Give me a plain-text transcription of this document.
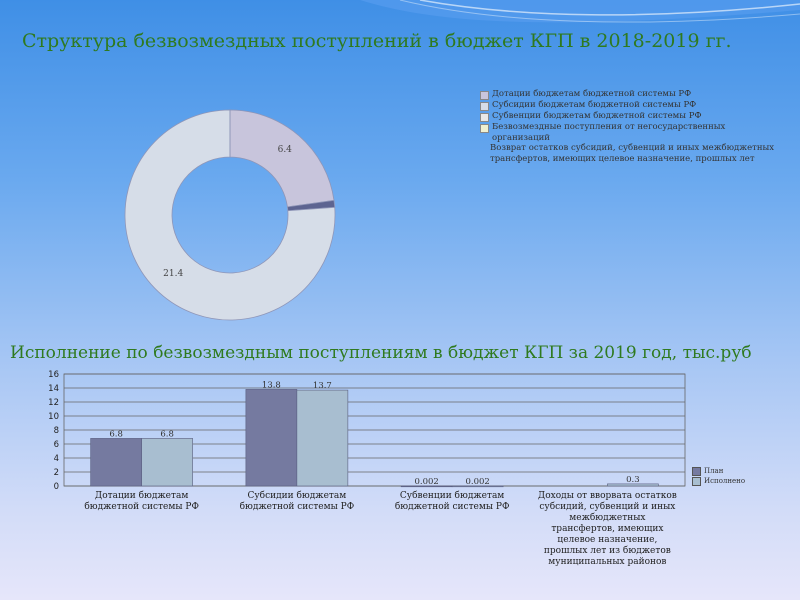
Структура безвозмездных поступлений в бюджет КГП в 2018-2019 гг.
6.4
21.4
Дотации бюджетам бюджетной системы РФ
Субсидии бюджетам бюджетной системы РФ
Субвенции бюджетам бюджетной системы РФ
Безвозмездные поступления от негосударственных организаций
Возврат остатков субсидий, субвенций и иных межбюджетных трансфертов, имеющих целевое назначение, прошлых лет
Исполнение по безвозмездным поступлениям в бюджет КГП за 2019 год, тыс.руб
0
2
4
6
8
10
12
14
16
6.8	6.8
Дотации бюджетам
бюджетной системы РФ
13.8	13.7
Субсидии бюджетам
бюджетной системы РФ
0.002	0.002
Субвенции бюджетам
бюджетной системы РФ
0.3
Доходы от вворвата остатков
субсидий, субвенций и иных
межбюджетных
трансфертов, имеющих
целевое назначение,
прошлых лет из бюджетов
муниципальных районов
План
Исполнено
